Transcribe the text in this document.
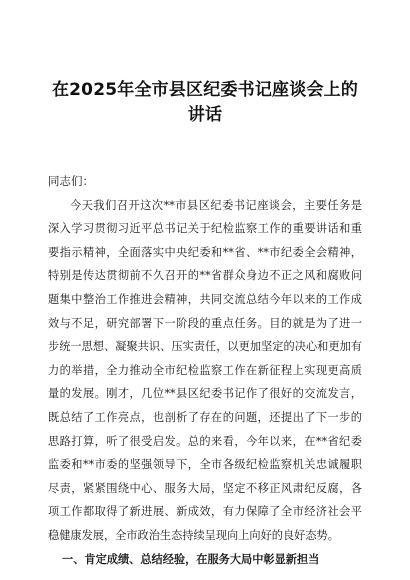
在2025年全市县区纪委书记座谈会上的
讲话

同志们：

今天我们召开这次**市县区纪委书记座谈会，主要任务是
深入学习贯彻习近平总书记关于纪检监察工作的重要讲话和重
要指示精神，全面落实中央纪委和**省、**市纪委全会精神，
特别是传达贯彻前不久召开的**省群众身边不正之风和腐败问
题集中整治工作推进会精神，共同交流总结今年以来的工作成
效与不足，研究部署下一阶段的重点任务。目的就是为了进一
步统一思想、凝聚共识、压实责任，以更加坚定的决心和更加有
力的举措，全力推动全市纪检监察工作在新征程上实现更高质
量的发展。刚才，几位**县区纪委书记作了很好的交流发言，
既总结了工作亮点，也剖析了存在的问题，还提出了下一步的
思路打算，听了很受启发。总的来看，今年以来，在**省纪委
监委和**市委的坚强领导下，全市各级纪检监察机关忠诚履职
尽责，紧紧围绕中心、服务大局，坚定不移正风肃纪反腐，各
项工作都取得了新进展、新成效，有力保障了全市经济社会平
稳健康发展，全市政治生态持续呈现向上向好的良好态势。

一、肯定成绩、总结经验，在服务大局中彰显新担当
